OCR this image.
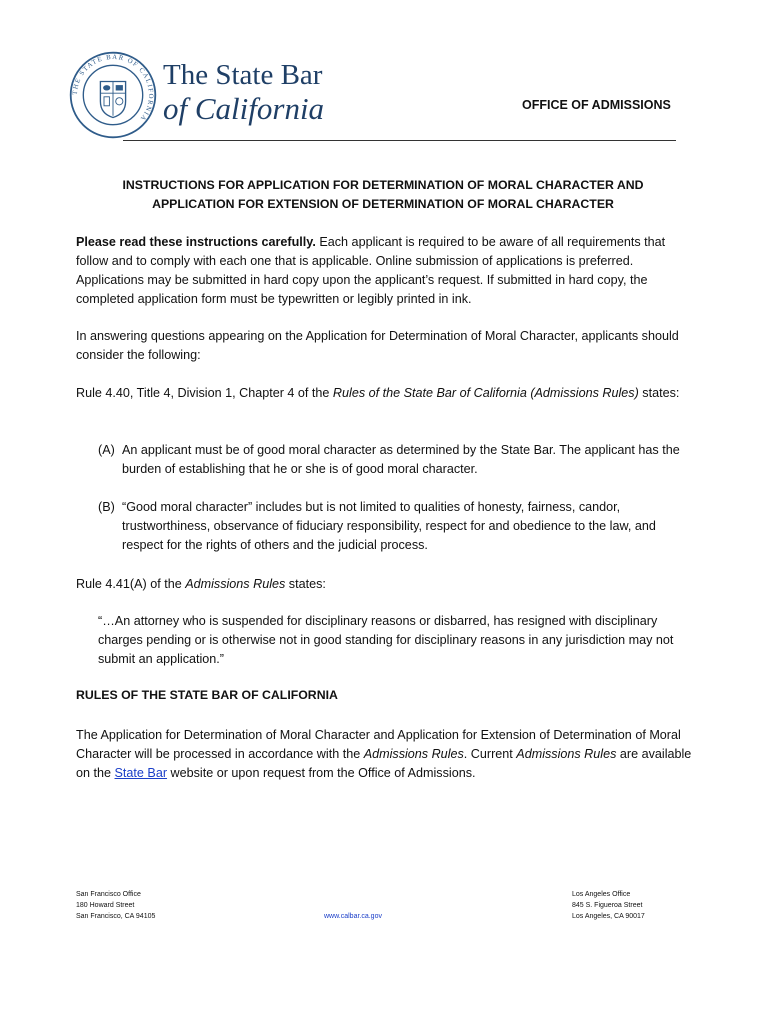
THE STATE BAR OF CALIFORNIA
The State Bar
of California	OFFICE OF ADMISSIONS
INSTRUCTIONS FOR APPLICATION FOR DETERMINATION OF MORAL CHARACTER AND
APPLICATION FOR EXTENSION OF DETERMINATION OF MORAL CHARACTER
Please read these instructions carefully. Each applicant is required to be aware of all requirements that follow and to comply with each one that is applicable. Online submission of applications is preferred. Applications may be submitted in hard copy upon the applicant’s request. If submitted in hard copy, the completed application form must be typewritten or legibly printed in ink.
In answering questions appearing on the Application for Determination of Moral Character, applicants should consider the following:
Rule 4.40, Title 4, Division 1, Chapter 4 of the Rules of the State Bar of California (Admissions Rules) states:
(A) An applicant must be of good moral character as determined by the State Bar. The applicant has the burden of establishing that he or she is of good moral character.
(B) “Good moral character” includes but is not limited to qualities of honesty, fairness, candor, trustworthiness, observance of fiduciary responsibility, respect for and obedience to the law, and respect for the rights of others and the judicial process.
Rule 4.41(A) of the Admissions Rules states:
“…An attorney who is suspended for disciplinary reasons or disbarred, has resigned with disciplinary charges pending or is otherwise not in good standing for disciplinary reasons in any jurisdiction may not submit an application.”
RULES OF THE STATE BAR OF CALIFORNIA
The Application for Determination of Moral Character and Application for Extension of Determination of Moral Character will be processed in accordance with the Admissions Rules. Current Admissions Rules are available on the State Bar website or upon request from the Office of Admissions.
San Francisco Office
180 Howard Street
San Francisco, CA 94105	www.calbar.ca.gov
Los Angeles Office
845 S. Figueroa Street
Los Angeles, CA 90017
